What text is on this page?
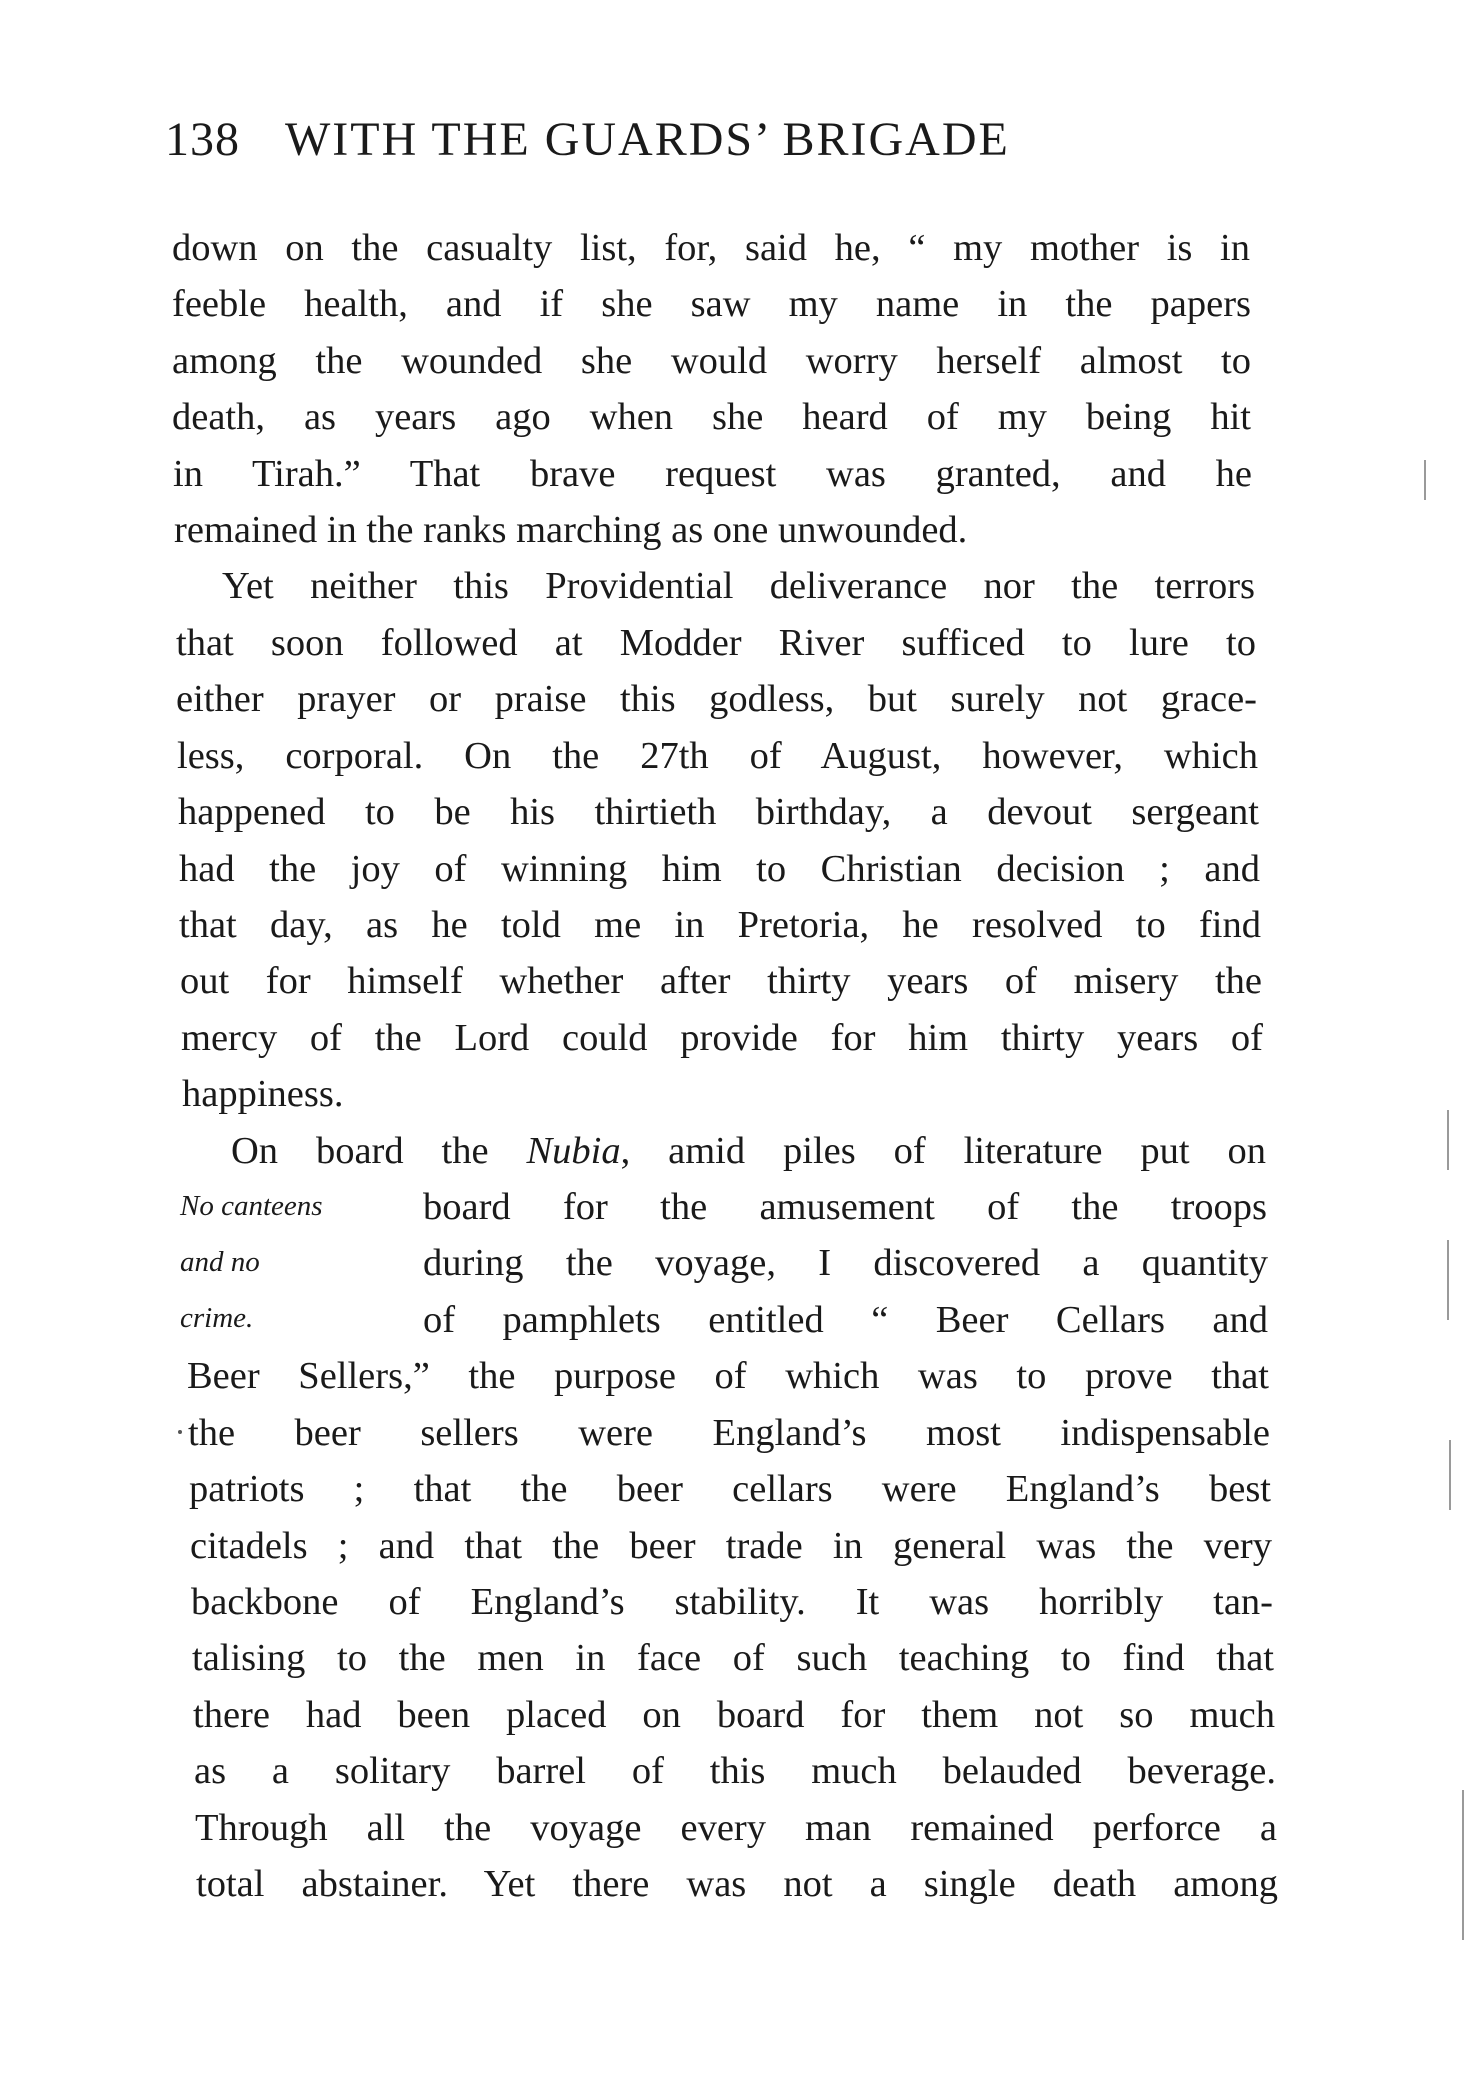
138 WITH THE GUARDS’ BRIGADE
down on the casualty list, for, said he, “ my mother is in
feeble health, and if she saw my name in the papers
among the wounded she would worry herself almost to
death, as years ago when she heard of my being hit
in Tirah.” That brave request was granted, and he
remained in the ranks marching as one unwounded.
Yet neither this Providential deliverance nor the terrors
that soon followed at Modder River sufficed to lure to
either prayer or praise this godless, but surely not grace-
less, corporal. On the 27th of August, however, which
happened to be his thirtieth birthday, a devout sergeant
had the joy of winning him to Christian decision ; and
that day, as he told me in Pretoria, he resolved to find
out for himself whether after thirty years of misery the
mercy of the Lord could provide for him thirty years of
happiness.
On board the Nubia, amid piles of literature put on
board for the amusement of the troops
during the voyage, I discovered a quantity
of pamphlets entitled “ Beer Cellars and
Beer Sellers,” the purpose of which was to prove that
the beer sellers were England’s most indispensable
patriots ; that the beer cellars were England’s best
citadels ; and that the beer trade in general was the very
backbone of England’s stability. It was horribly tan-
talising to the men in face of such teaching to find that
there had been placed on board for them not so much
as a solitary barrel of this much belauded beverage.
Through all the voyage every man remained perforce a
total abstainer. Yet there was not a single death among
No canteens
and no
crime.
